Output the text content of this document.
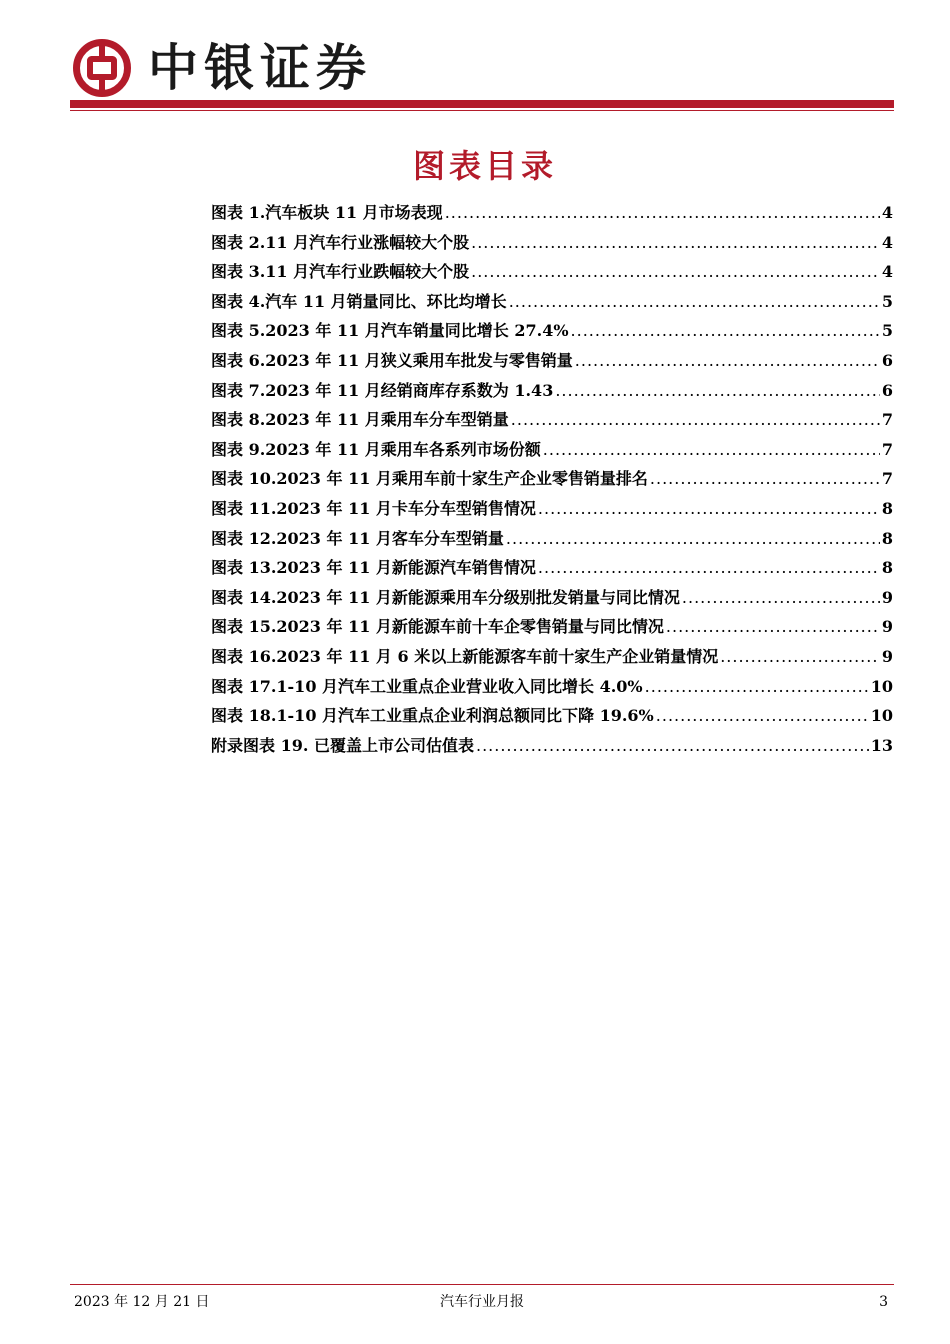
中银证券
图表目录
图表 1.汽车板块 11 月市场表现 .....	4
图表 2.11 月汽车行业涨幅较大个股 .....	4
图表 3.11 月汽车行业跌幅较大个股 .....	4
图表 4.汽车 11 月销量同比、环比均增长 .....	5
图表 5.2023 年 11 月汽车销量同比增长 27.4% .....	5
图表 6.2023 年 11 月狭义乘用车批发与零售销量 .....	6
图表 7.2023 年 11 月经销商库存系数为 1.43 .....	6
图表 8.2023 年 11 月乘用车分车型销量 .....	7
图表 9.2023 年 11 月乘用车各系列市场份额 .....	7
图表 10.2023 年 11 月乘用车前十家生产企业零售销量排名 .....	7
图表 11.2023 年 11 月卡车分车型销售情况 .....	8
图表 12.2023 年 11 月客车分车型销量 .....	8
图表 13.2023 年 11 月新能源汽车销售情况 .....	8
图表 14.2023 年 11 月新能源乘用车分级别批发销量与同比情况 .....	9
图表 15.2023 年 11 月新能源车前十车企零售销量与同比情况 .....	9
图表 16.2023 年 11 月 6 米以上新能源客车前十家生产企业销量情况 .....	9
图表 17.1-10 月汽车工业重点企业营业收入同比增长 4.0% .....	10
图表 18.1-10 月汽车工业重点企业利润总额同比下降 19.6% .....	10
附录图表 19. 已覆盖上市公司估值表 .....	13
2023 年 12 月 21 日	汽车行业月报	3
